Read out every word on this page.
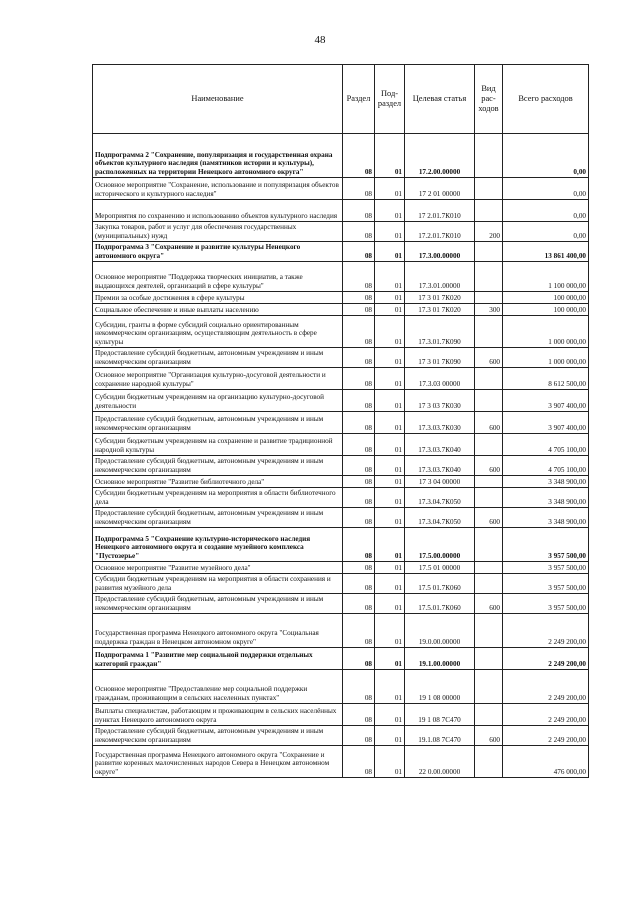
48
Наименование	Раздел	Под-раздел	Целевая статья	Вид рас-ходов	Всего расходов
Подпрограмма 2 "Сохранение, популяризация и государственная охрана объектов культурного наследия (памятников истории и культуры), расположенных на территории Ненецкого автономного округа"	08	01	17.2.00.00000		0,00
Основное мероприятие "Сохранение, использование и популяризация объектов исторического и культурного наследия"	08	01	17 2 01 00000		0,00
Мероприятия по сохранению и использованию объектов культурного наследия	08	01	17 2.01.7К010		0,00
Закупка товаров, работ и услуг для обеспечения государственных (муниципальных) нужд	08	01	17.2.01.7К010	200	0,00
Подпрограмма 3 "Сохранение и развитие культуры Ненецкого автономного округа"	08	01	17.3.00.00000		13 861 400,00
Основное мероприятие "Поддержка творческих инициатив, а также выдающихся деятелей, организаций в сфере культуры"	08	01	17.3.01.00000		1 100 000,00
Премии за особые достижения в сфере культуры	08	01	17 3 01 7К020		100 000,00
Социальное обеспечение и иные выплаты населению	08	01	17.3 01 7К020	300	100 000,00
Субсидии, гранты в форме субсидий социально ориентированным некоммерческим организациям, осуществляющим деятельность в сфере культуры	08	01	17.3.01.7К090		1 000 000,00
Предоставление субсидий бюджетным, автономным учреждениям и иным некоммерческим организациям	08	01	17 3 01 7К090	600	1 000 000,00
Основное мероприятие "Организация культурно-досуговой деятельности и сохранение народной культуры"	08	01	17.3.03 00000		8 612 500,00
Субсидии бюджетным учреждениям на организацию культурно-досуговой деятельности	08	01	17 3 03 7К030		3 907 400,00
Предоставление субсидий бюджетным, автономным учреждениям и иным некоммерческим организациям	08	01	17.3.03.7К030	600	3 907 400,00
Субсидии бюджетным учреждениям на сохранение и развитие традиционной народной культуры	08	01	17.3.03.7К040		4 705 100,00
Предоставление субсидий бюджетным, автономным учреждениям и иным некоммерческим организациям	08	01	17.3.03.7К040	600	4 705 100,00
Основное мероприятие "Развитие библиотечного дела"	08	01	17 3 04 00000		3 348 900,00
Субсидии бюджетным учреждениям на мероприятия в области библиотечного дела	08	01	17.3.04.7К050		3 348 900,00
Предоставление субсидий бюджетным, автономным учреждениям и иным некоммерческим организациям	08	01	17.3.04.7К050	600	3 348 900,00
Подпрограмма 5 "Сохранение культурно-исторического наследия Ненецкого автономного округа и создание музейного комплекса "Пустозерье"	08	01	17.5.00.00000		3 957 500,00
Основное мероприятие "Развитие музейного дела"	08	01	17.5 01 00000		3 957 500,00
Субсидии бюджетным учреждениям на мероприятия в области сохранения и развития музейного дела	08	01	17.5 01.7К060		3 957 500,00
Предоставление субсидий бюджетным, автономным учреждениям и иным некоммерческим организациям	08	01	17.5.01.7К060	600	3 957 500,00
Государственная программа Ненецкого автономного округа "Социальная поддержка граждан в Ненецком автономном округе"	08	01	19.0.00.00000		2 249 200,00
Подпрограмма 1 "Развитие мер социальной поддержки отдельных категорий граждан"	08	01	19.1.00.00000		2 249 200,00
Основное мероприятие "Предоставление мер социальной поддержки гражданам, проживающим в сельских населенных пунктах"	08	01	19 1 08 00000		2 249 200,00
Выплаты специалистам, работающим и проживающим в сельских населённых пунктах Ненецкого автономного округа	08	01	19 1 08 7С470		2 249 200,00
Предоставление субсидий бюджетным, автономным учреждениям и иным некоммерческим организациям	08	01	19.1.08 7С470	600	2 249 200,00
Государственная программа Ненецкого автономного округа "Сохранение и развитие коренных малочисленных народов Севера в Ненецком автономном округе"	08	01	22 0.00.00000		476 000,00
